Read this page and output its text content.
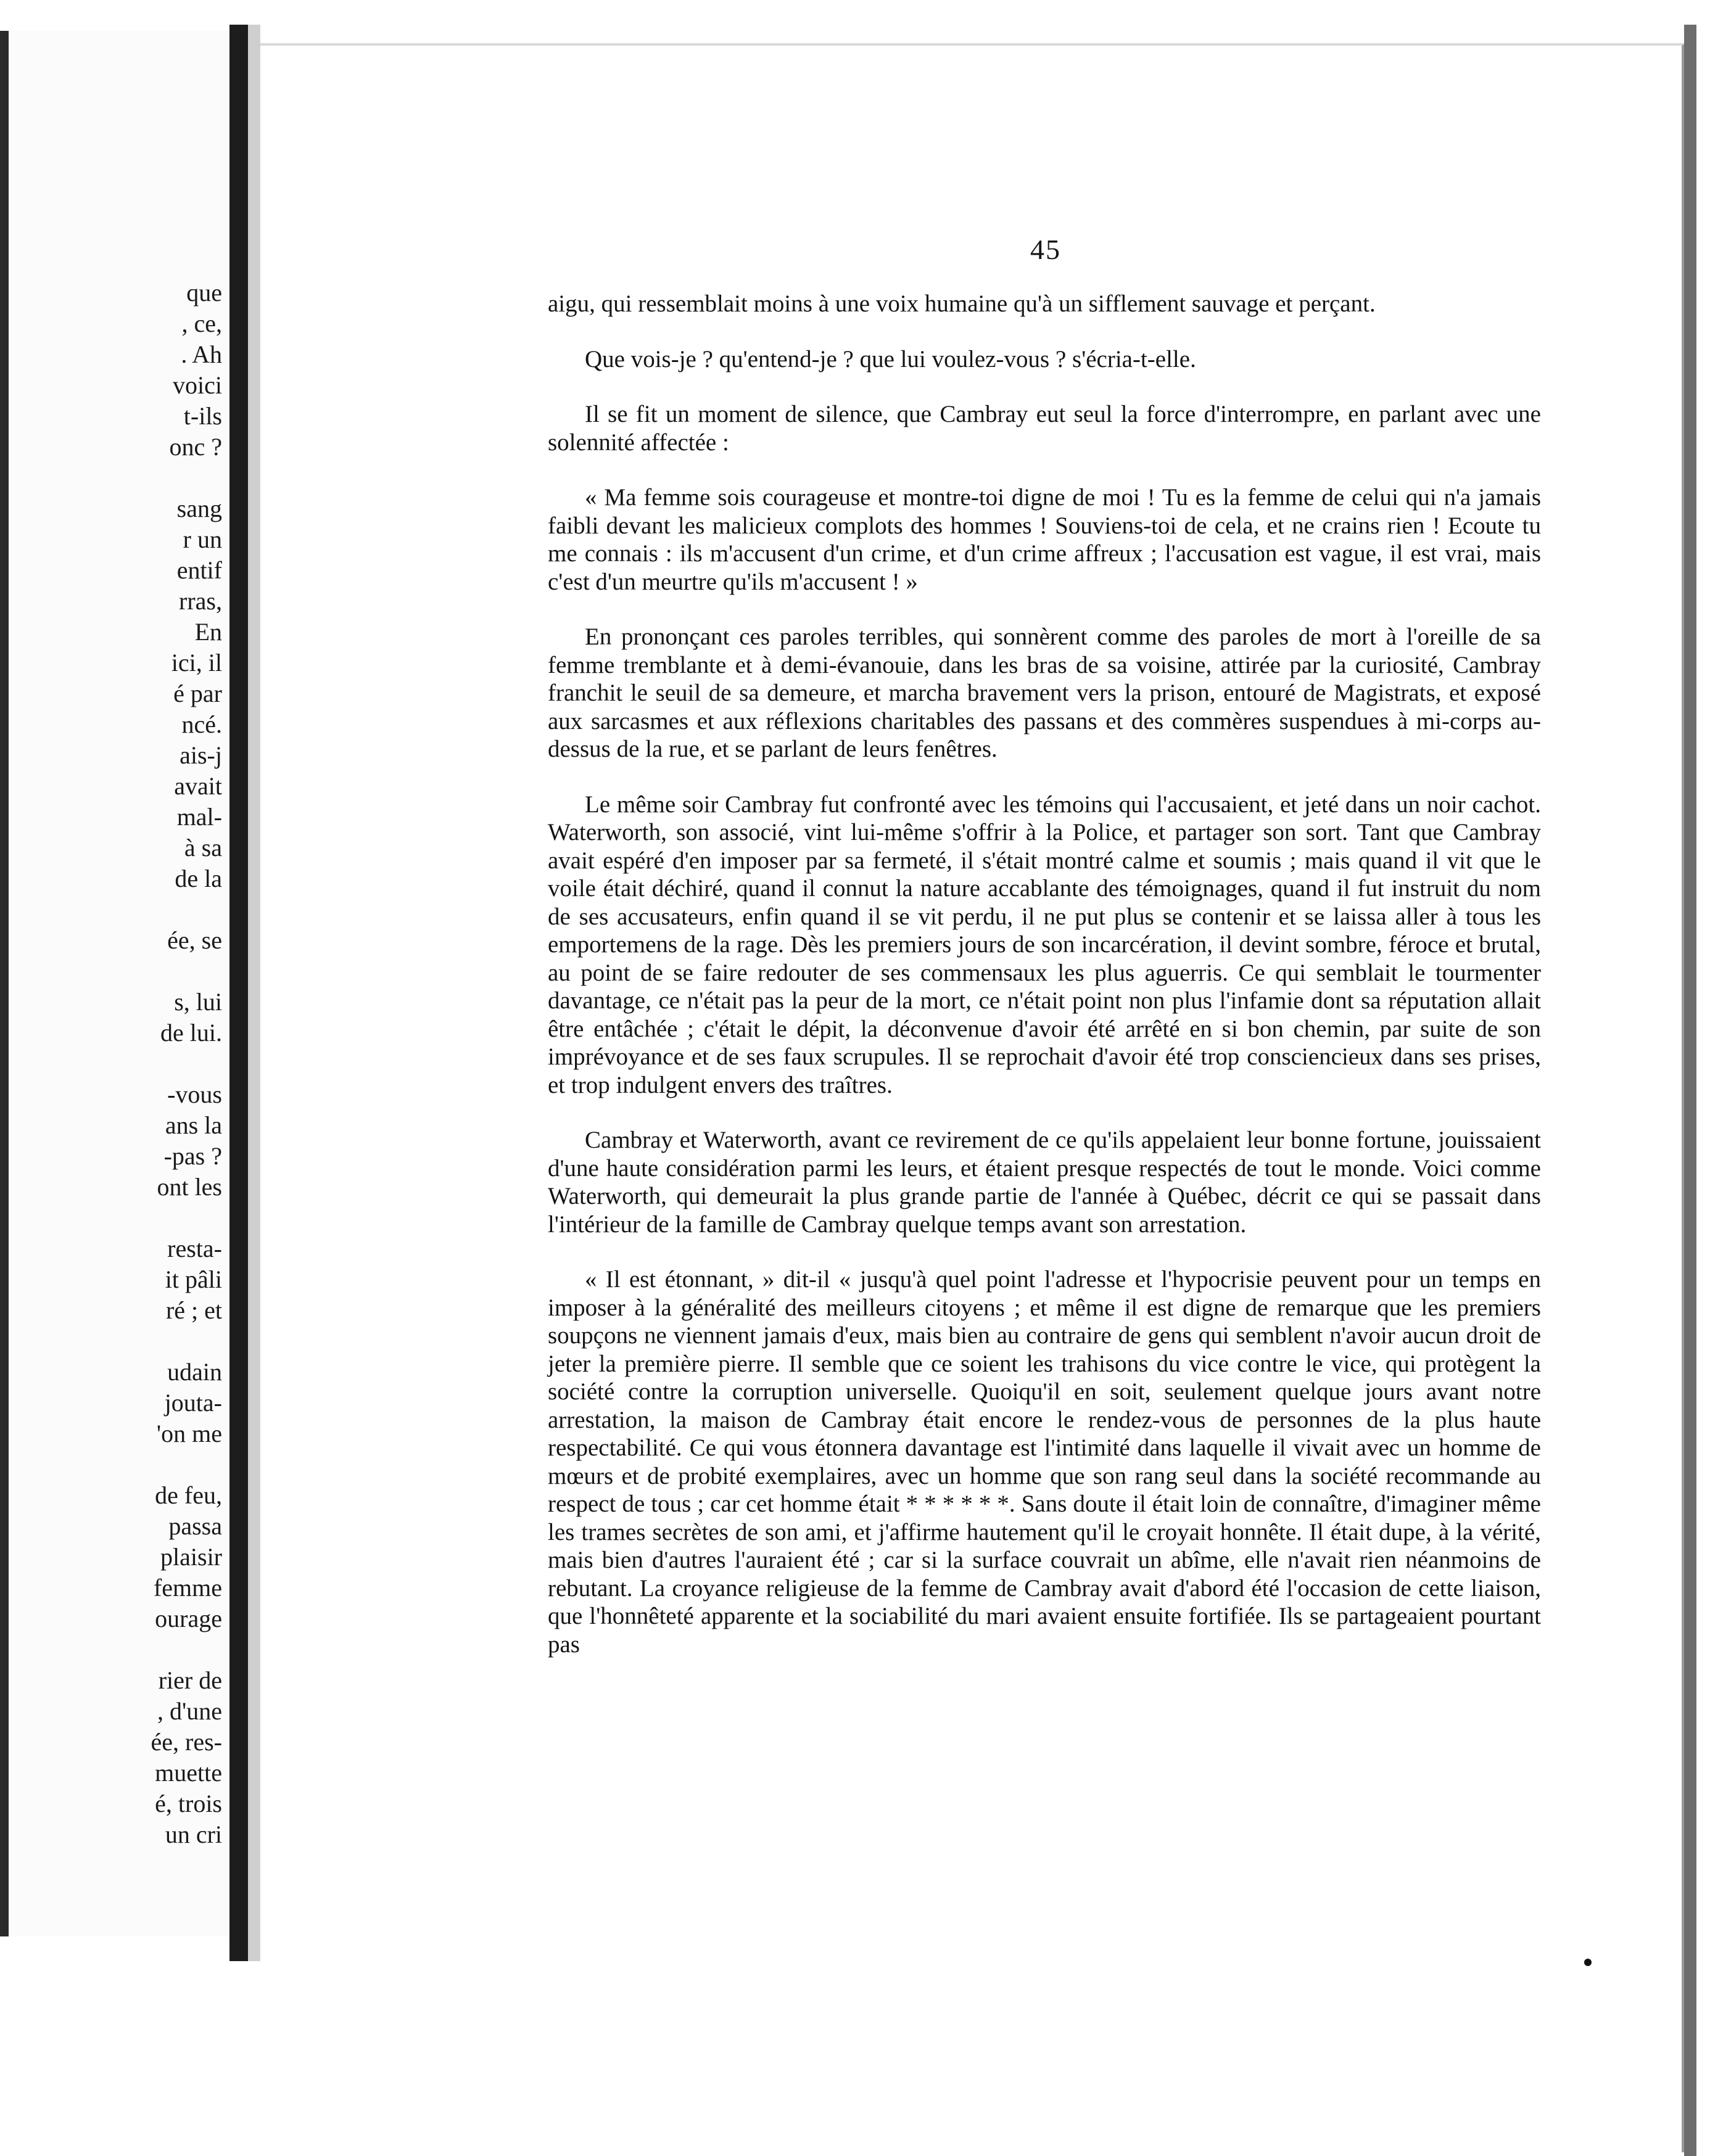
que
, ce,
. Ah
voici
t-ils
onc ?

sang
r un
entif
rras,
En
ici, il
é par
ncé.
ais-j
avait
mal-
à sa
de la

ée, se

s, lui
de lui.

-vous
ans la
-pas ?
ont les

resta-
it pâli
ré ; et

udain
jouta-
'on me

de feu,
passa
plaisir
femme
ourage

rier de
, d'une
ée, res-
muette
é, trois
un cri
45

aigu, qui ressemblait moins à une voix humaine qu'à un sifflement sauvage et perçant.

Que vois-je ? qu'entend-je ? que lui voulez-vous ? s'écria-t-elle.

Il se fit un moment de silence, que Cambray eut seul la force d'interrompre, en parlant avec une solennité affectée :

« Ma femme sois courageuse et montre-toi digne de moi ! Tu es la femme de celui qui n'a jamais faibli devant les malicieux complots des hommes ! Souviens-toi de cela, et ne crains rien ! Ecoute tu me connais : ils m'accusent d'un crime, et d'un crime affreux ; l'accusation est vague, il est vrai, mais c'est d'un meurtre qu'ils m'accusent ! »

En prononçant ces paroles terribles, qui sonnèrent comme des paroles de mort à l'oreille de sa femme tremblante et à demi-évanouie, dans les bras de sa voisine, attirée par la curiosité, Cambray franchit le seuil de sa demeure, et marcha bravement vers la prison, entouré de Magistrats, et exposé aux sarcasmes et aux réflexions charitables des passans et des commères suspendues à mi-corps au-dessus de la rue, et se parlant de leurs fenêtres.

Le même soir Cambray fut confronté avec les témoins qui l'accusaient, et jeté dans un noir cachot. Waterworth, son associé, vint lui-même s'offrir à la Police, et partager son sort. Tant que Cambray avait espéré d'en imposer par sa fermeté, il s'était montré calme et soumis ; mais quand il vit que le voile était déchiré, quand il connut la nature accablante des témoignages, quand il fut instruit du nom de ses accusateurs, enfin quand il se vit perdu, il ne put plus se contenir et se laissa aller à tous les emportemens de la rage. Dès les premiers jours de son incarcération, il devint sombre, féroce et brutal, au point de se faire redouter de ses commensaux les plus aguerris. Ce qui semblait le tourmenter davantage, ce n'était pas la peur de la mort, ce n'était point non plus l'infamie dont sa réputation allait être entâchée ; c'était le dépit, la déconvenue d'avoir été arrêté en si bon chemin, par suite de son imprévoyance et de ses faux scrupules. Il se reprochait d'avoir été trop consciencieux dans ses prises, et trop indulgent envers des traîtres.

Cambray et Waterworth, avant ce revirement de ce qu'ils appelaient leur bonne fortune, jouissaient d'une haute considération parmi les leurs, et étaient presque respectés de tout le monde. Voici comme Waterworth, qui demeurait la plus grande partie de l'année à Québec, décrit ce qui se passait dans l'intérieur de la famille de Cambray quelque temps avant son arrestation.

« Il est étonnant, » dit-il « jusqu'à quel point l'adresse et l'hypocrisie peuvent pour un temps en imposer à la généralité des meilleurs citoyens ; et même il est digne de remarque que les premiers soupçons ne viennent jamais d'eux, mais bien au contraire de gens qui semblent n'avoir aucun droit de jeter la première pierre. Il semble que ce soient les trahisons du vice contre le vice, qui protègent la société contre la corruption universelle. Quoiqu'il en soit, seulement quelque jours avant notre arrestation, la maison de Cambray était encore le rendez-vous de personnes de la plus haute respectabilité. Ce qui vous étonnera davantage est l'intimité dans laquelle il vivait avec un homme de mœurs et de probité exemplaires, avec un homme que son rang seul dans la société recommande au respect de tous ; car cet homme était * * * * * *. Sans doute il était loin de connaître, d'imaginer même les trames secrètes de son ami, et j'affirme hautement qu'il le croyait honnête. Il était dupe, à la vérité, mais bien d'autres l'auraient été ; car si la surface couvrait un abîme, elle n'avait rien néanmoins de rebutant. La croyance religieuse de la femme de Cambray avait d'abord été l'occasion de cette liaison, que l'honnêteté apparente et la sociabilité du mari avaient ensuite fortifiée. Ils se partageaient pourtant pas
